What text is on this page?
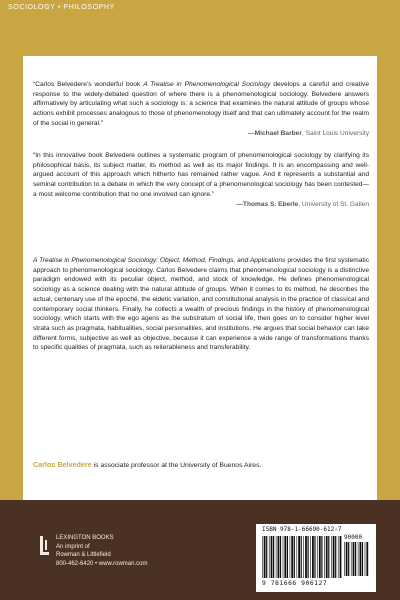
SOCIOLOGY • PHILOSOPHY
“Carlos Belvedere’s wonderful book A Treatise in Phenomenological Sociology develops a careful and creative response to the widely-debated question of where there is a phenomenological sociology. Belvedere answers affirmatively by articulating what such a sociology is: a science that examines the natural attitude of groups whose actions exhibit processes analogous to those of phenomenology itself and that can ultimately account for the realm of the social in general.”
—Michael Barber, Saint Louis University
“In this innovative book Belvedere outlines a systematic program of phenomenological sociology by clarifying its philosophical basis, its subject matter, its method as well as its major findings. It is an encompassing and well-argued account of this approach which hitherto has remained rather vague. And it represents a substantial and seminal contribution to a debate in which the very concept of a phenomenological sociology has been contested—a most welcome contribution that no one involved can ignore.”
—Thomas S. Eberle, University of St. Gallen
A Treatise in Phenomenological Sociology: Object, Method, Findings, and Applications provides the first systematic approach to phenomenological sociology. Carlos Belvedere claims that phenomenological sociology is a distinctive paradigm endowed with its peculiar object, method, and stock of knowledge. He defines phenomenological sociology as a science dealing with the natural attitude of groups. When it comes to its method, he describes the actual, centenary use of the epoché, the eidetic variation, and constitutional analysis in the practice of classical and contemporary social thinkers. Finally, he collects a wealth of precious findings in the history of phenomenological sociology, which starts with the ego agens as the substratum of social life, then goes on to consider higher level strata such as pragmata, habitualities, social personalities, and institutions. He argues that social behavior can take different forms, subjective as well as objective, because it can experience a wide range of transformations thanks to specific qualities of pragmata, such as reiterableness and transferability.
Carlos Belvedere is associate professor at the University of Buenos Aires.
LEXINGTON BOOKS
An imprint of
Rowman & Littlefield
800-462-6420 • www.rowman.com
ISBN 978-1-66690-612-7
90000
9 781666 906127
